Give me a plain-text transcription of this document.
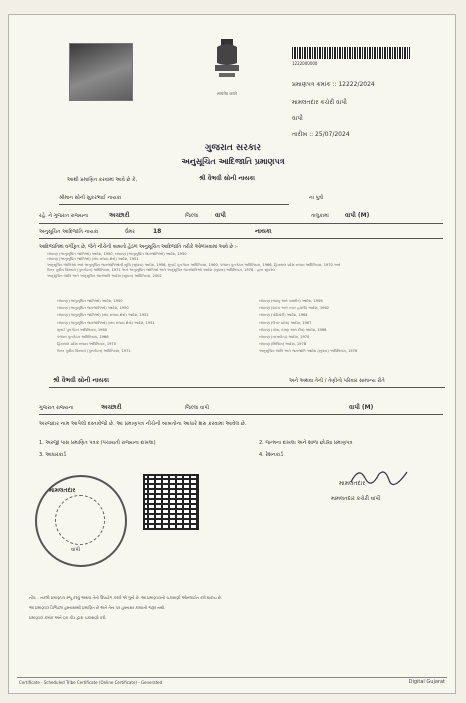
सत्यमेव जयते
1222000000
પ્રમાણપત્ર ક્રમાંક :: 12222/2024
મામલતદાર કચેરી વાપી
વાપી
તારીખ :: 25/07/2024
ગુજરાત સરકાર
અનુસૂચિત આદિજાતિ પ્રમાણપત્ર
આથી પ્રમાણિત કરવામાં આવે છે કે,	શ્રી વૈભવી સોની નાયકા
શ્રીમાન સોની સુકરભાઈ નાયકા	ના પુત્રી
રહે. ને ગુજરાત રાજ્યના	અચ્છારી	જિલ્લા	વાપી	તાલુકામાં	વાપી (M)
અનુસૂચિત આદિજાતિ નાયકા	ઉંમર	18	નાયકા
આદિજાતિમાં વર્ગીકૃત છે, જેને નીચેની બાબતો હેઠળ અનુસૂચિત આદિજાતિ તરીકે ઓળખવામાં આવે છે :-
બંધારણ (અનુસૂચિત જાતિઓ) આદેશ, 1950, બંધારણ (અનુસૂચિત જનજાતિઓ) આદેશ, 1950
બંધારણ (અનુસૂચિત જાતિઓ) (સંઘ રાજ્ય ક્ષેત્રો) આદેશ, 1951
અનુસૂચિત જાતિઓ અને અનુસૂચિત જનજાતિઓની સૂચિ (સુધારા) આદેશ, 1956, મુંબઈ પુનર્ગઠન અધિનિયમ, 1960, પંજાબ પુનર્ગઠન અધિનિયમ, 1966, હિમાચલ પ્રદેશ રાજ્ય અધિનિયમ, 1970 અને
ઉત્તર પૂર્વીય વિસ્તારો (પુનર્ગઠન) અધિનિયમ, 1971 અને અનુસૂચિત જાતિઓ અને અનુસૂચિત જનજાતિઓ આદેશ (સુધારા) અધિનિયમ, 1976 - દ્વારા સુધારેલ
અનુસૂચિત જાતિ અને અનુસૂચિત જનજાતિ આદેશ (સુધારા) અધિનિયમ, 2002
બંધારણ (અનુસૂચિત જાતિઓ) આદેશ, 1950
બંધારણ (અનુસૂચિત જનજાતિઓ) આદેશ, 1950
બંધારણ (અનુસૂચિત જાતિઓ) (સંઘ રાજ્ય ક્ષેત્રો) આદેશ, 1951
બંધારણ (અનુસૂચિત જનજાતિઓ) (સંઘ રાજ્ય ક્ષેત્રો) આદેશ, 1951
મુંબઈ પુનર્ગઠન અધિનિયમ, 1960
પંજાબ પુનર્ગઠન અધિનિયમ, 1966
હિમાચલ પ્રદેશ રાજ્ય અધિનિયમ, 1970
ઉત્તર પૂર્વીય વિસ્તારો (પુનર્ગઠન) અધિનિયમ, 1971
બંધારણ (જમ્મુ અને કાશ્મીર) આદેશ, 1956
બંધારણ (દાદરા અને નગર હવેલી) આદેશ, 1962
બંધારણ (પોંડિચેરી) આદેશ, 1964
બંધારણ (ઉત્તર પ્રદેશ) આદેશ, 1967
બંધારણ (ગોવા, દમણ અને દીવ) આદેશ, 1968
બંધારણ (નાગાલેન્ડ) આદેશ, 1970
બંધારણ (સિક્કિમ) આદેશ, 1978
અનુસૂચિત જાતિ અને જનજાતિ આદેશ (સુધારા) અધિનિયમ, 1976
શ્રી વૈભવી સોની નાયકા	અને અથવા તેની / તેણીનો પરિવાર સામાન્ય રીતે
ગુજરાત રાજ્યના	અચ્છારી	જિલ્લા વાપી	વાપી (M)
અરજદાર નામ આપેલો દસ્તાવેજો છે. આ પ્રમાણપત્ર નીચેની બાબતોના આધારે શરુ કરવામાં આવેલ છે.
1. અરજી પાસ પ્રમાણિત પત્રક (પંચાયતી રાજ્યના દાખલા)	2. જન્મના દાખલા અને શાળા છોડ્યા પ્રમાણપત્ર
3. આધારકાર્ડ	4. રેશનકાર્ડ
મામલતદાર
વાપી
મામલતદાર
મામલતદાર કચેરી વાપી
નોંધ: - નકલી પ્રમાણપત્ર રજૂ કરવું અથવા તેનો ઉપયોગ કરવો એ ગુનો છે. આ પ્રમાણપત્રની ચકાસણી ઓનલાઈન કરી શકાય છે.
આ પ્રમાણપત્ર ડિજિટલ હસ્તાક્ષરથી પ્રમાણિત છે અને તેના પર હસ્તાક્ષર કરવાની જરૂર નથી.
પ્રમાણપત્ર ક્રમાંક અને QR કોડ દ્વારા ચકાસણી કરો.
Certificate - Scheduled Tribe Certificate (Online Certificate) - Generated	Digital Gujarat
